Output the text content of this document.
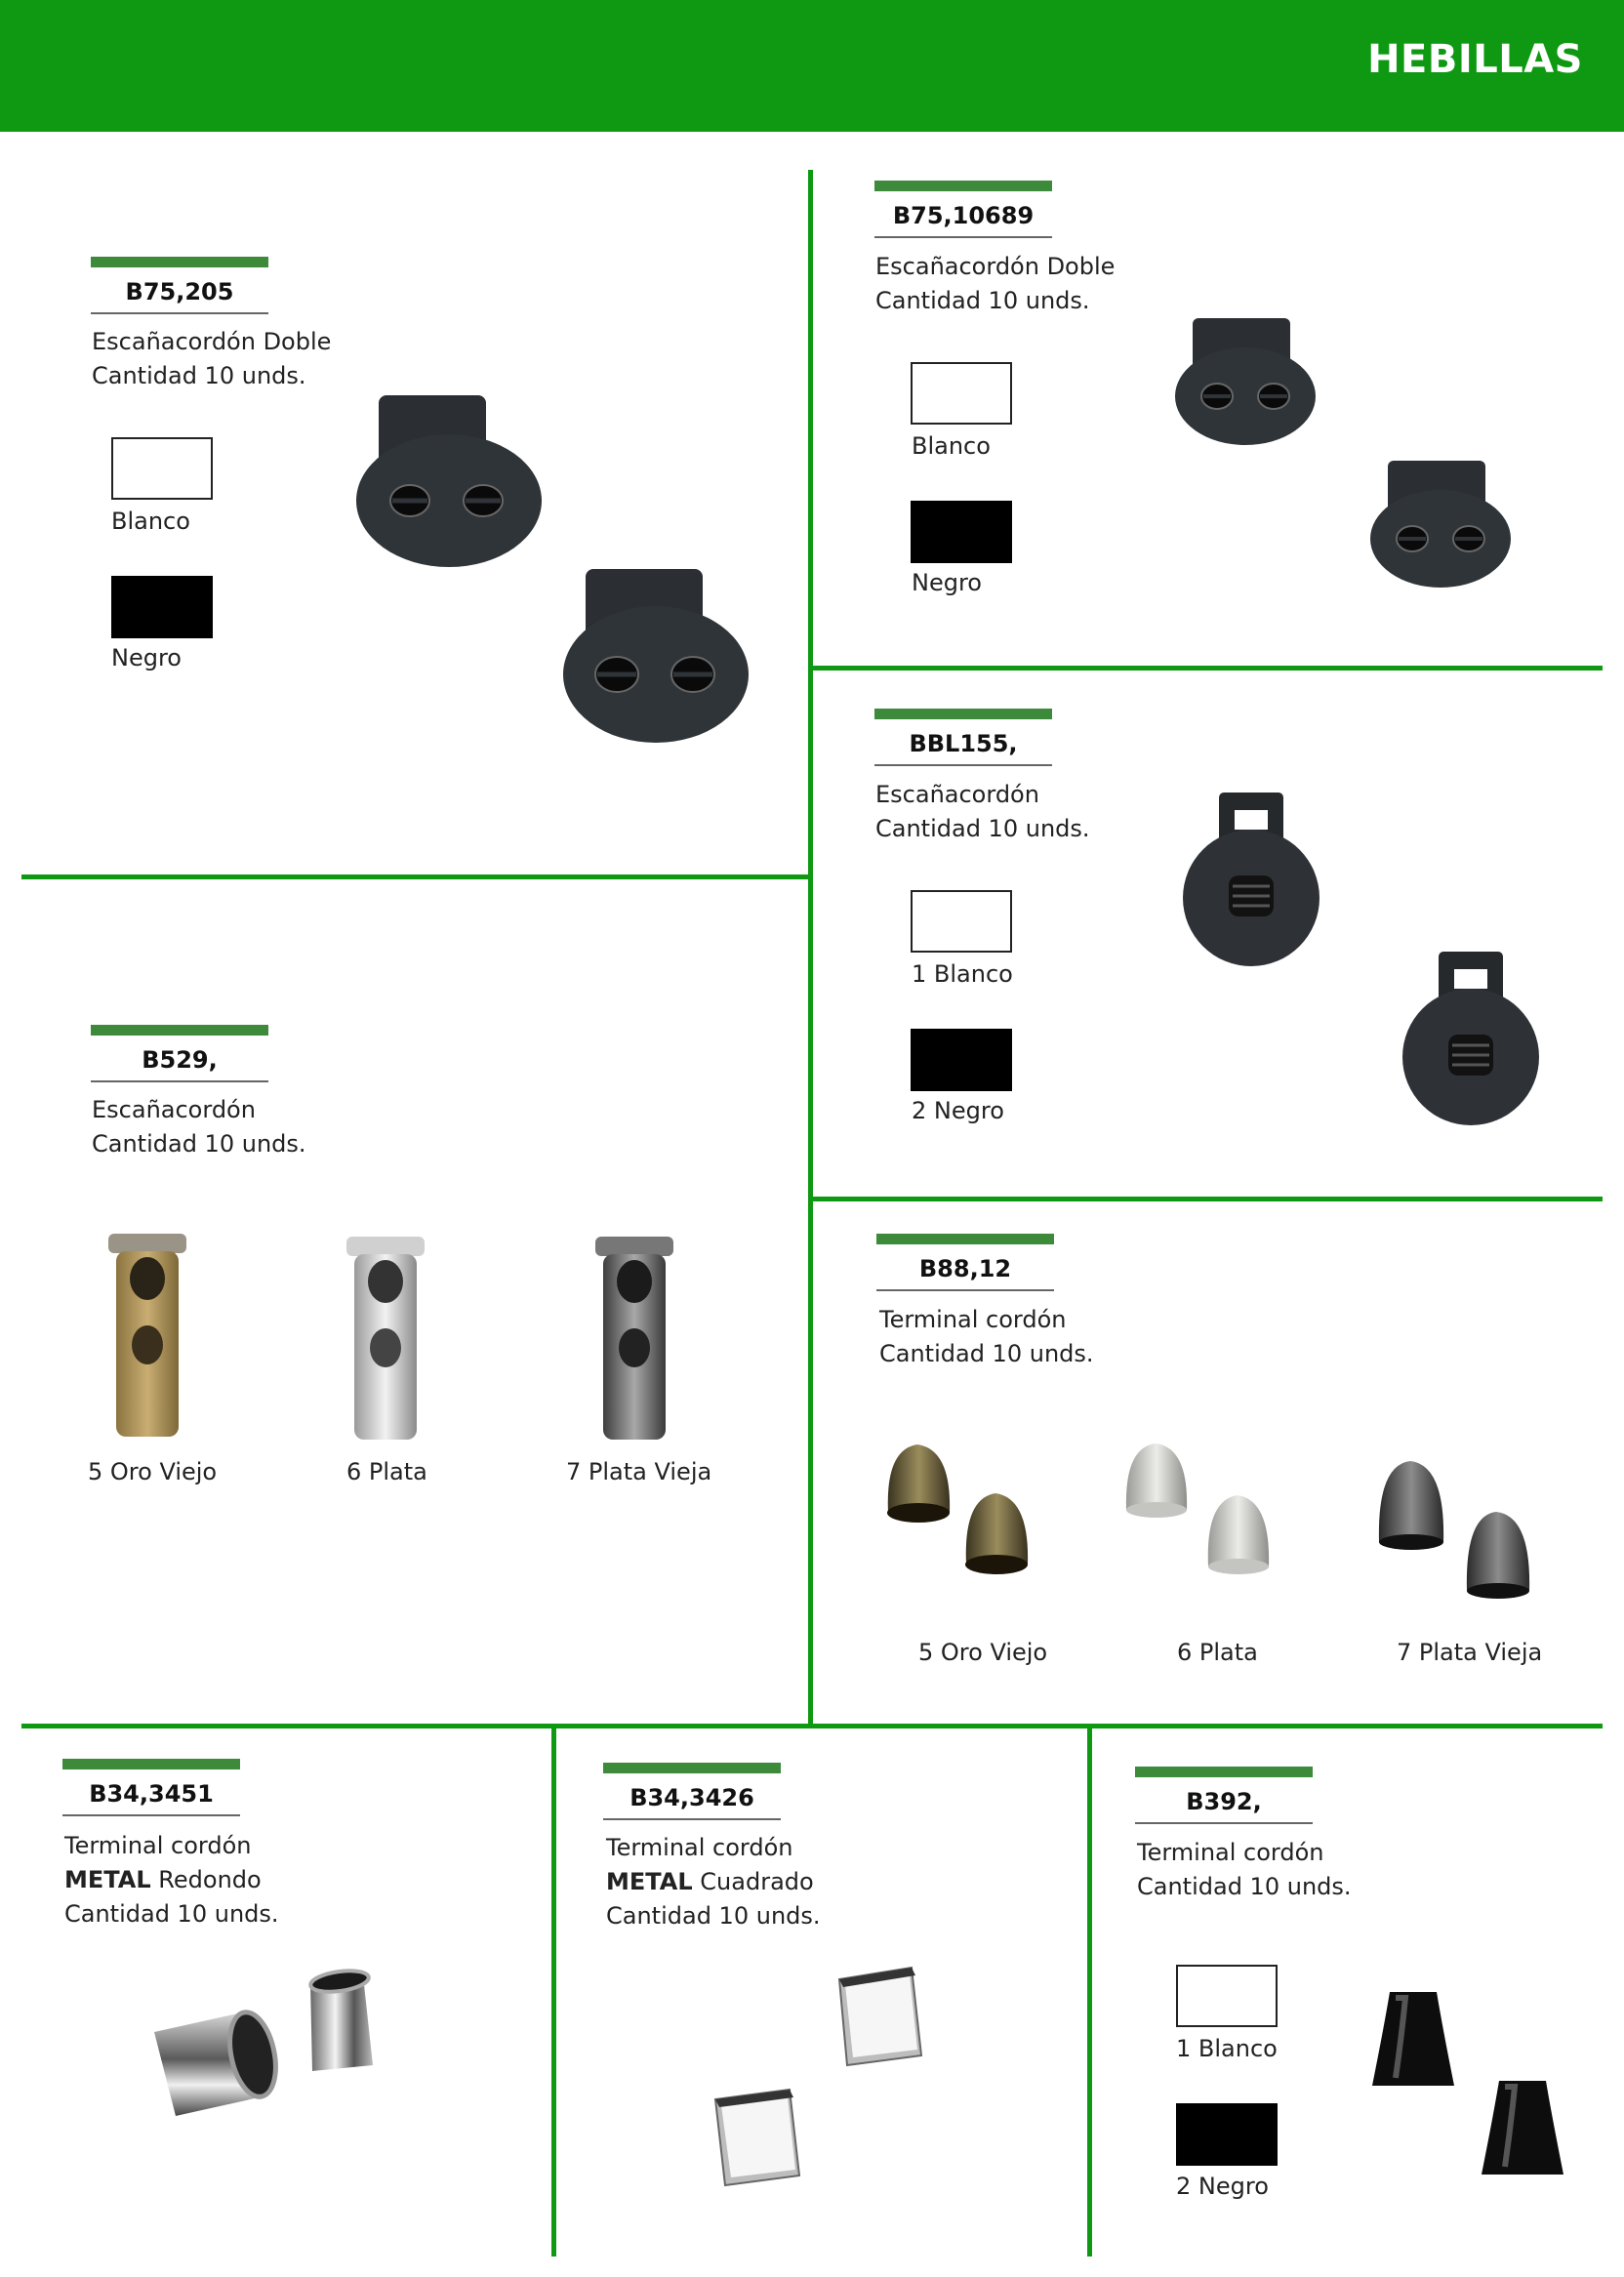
HEBILLAS
B75,205
Escañacordón Doble
Cantidad 10 unds.
Blanco
Negro
B75,10689
Escañacordón Doble
Cantidad 10 unds.
Blanco
Negro
BBL155,
Escañacordón
Cantidad 10 unds.
1 Blanco
2 Negro
B529,
Escañacordón
Cantidad 10 unds.
5 Oro Viejo	6 Plata	7 Plata Vieja
B88,12
Terminal cordón
Cantidad 10 unds.
5 Oro Viejo	6 Plata	7 Plata Vieja
B34,3451
Terminal cordón
METAL Redondo
Cantidad 10 unds.
B34,3426
Terminal cordón
METAL Cuadrado
Cantidad 10 unds.
B392,
Terminal cordón
Cantidad 10 unds.
1 Blanco
2 Negro
